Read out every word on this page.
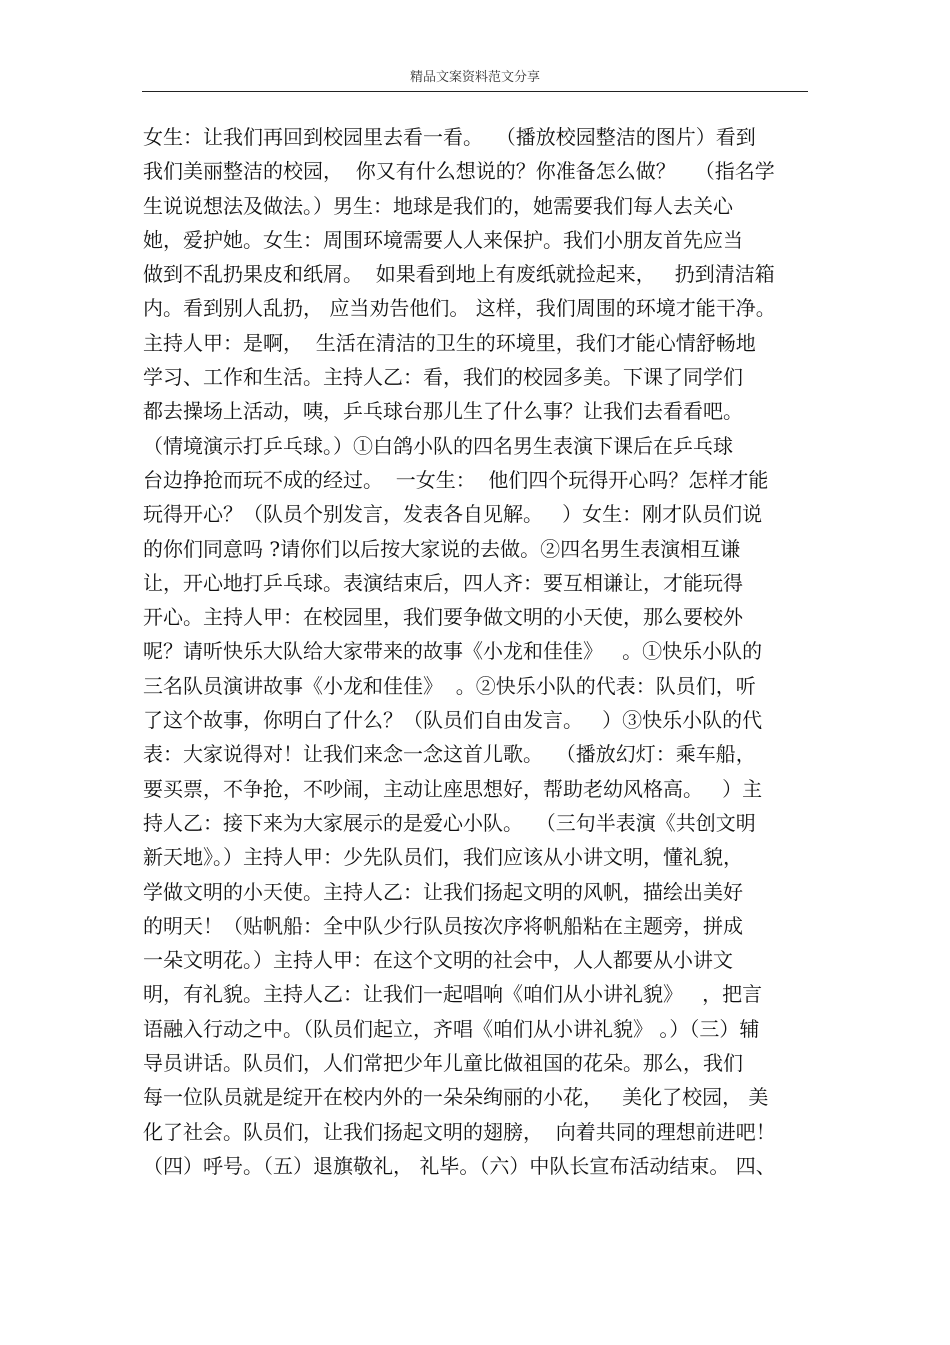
精品文案资料范文分享
女生：让我们再回到校园里去看一看。  （播放校园整洁的图片）看到
我们美丽整洁的校园，  你又有什么想说的？你准备怎么做？   （指名学
生说说想法及做法。）男生：地球是我们的，她需要我们每人去关心
她，爱护她。女生：周围环境需要人人来保护。我们小朋友首先应当
做到不乱扔果皮和纸屑。  如果看到地上有废纸就捡起来，   扔到清洁箱
内。看到别人乱扔， 应当劝告他们。 这样，我们周围的环境才能干净。
主持人甲：是啊，  生活在清洁的卫生的环境里，我们才能心情舒畅地
学习、工作和生活。主持人乙：看，我们的校园多美。下课了同学们
都去操场上活动，咦，乒乓球台那儿生了什么事？让我们去看看吧。
（情境演示打乒乓球。）①白鸽小队的四名男生表演下课后在乒乓球
台边挣抢而玩不成的经过。  一女生：  他们四个玩得开心吗？怎样才能
玩得开心？（队员个别发言，发表各自见解。   ）女生：刚才队员们说
的你们同意吗 ?请你们以后按大家说的去做。②四名男生表演相互谦
让，开心地打乒乓球。表演结束后，四人齐：要互相谦让，才能玩得
开心。主持人甲：在校园里，我们要争做文明的小天使，那么要校外
呢？请听快乐大队给大家带来的故事《小龙和佳佳》   。①快乐小队的
三名队员演讲故事《小龙和佳佳》  。②快乐小队的代表：队员们，听
了这个故事，你明白了什么？（队员们自由发言。   ）③快乐小队的代
表：大家说得对！让我们来念一念这首儿歌。  （播放幻灯：乘车船，
要买票，不争抢，不吵闹，主动让座思想好，帮助老幼风格高。   ）主
持人乙：接下来为大家展示的是爱心小队。  （三句半表演《共创文明
新天地》。）主持人甲：少先队员们，我们应该从小讲文明，懂礼貌，
学做文明的小天使。主持人乙：让我们扬起文明的风帆，描绘出美好
的明天！（贴帆船：全中队少行队员按次序将帆船粘在主题旁，拼成
一朵文明花。）主持人甲：在这个文明的社会中，人人都要从小讲文
明，有礼貌。主持人乙：让我们一起唱响《咱们从小讲礼貌》   ，把言
语融入行动之中。（队员们起立，齐唱《咱们从小讲礼貌》 。）（三）辅
导员讲话。队员们，人们常把少年儿童比做祖国的花朵。那么，我们
每一位队员就是绽开在校内外的一朵朵绚丽的小花，   美化了校园， 美
化了社会。队员们，让我们扬起文明的翅膀，  向着共同的理想前进吧！
（四）呼号。（五）退旗敬礼， 礼毕。（六）中队长宣布活动结束。 四、
